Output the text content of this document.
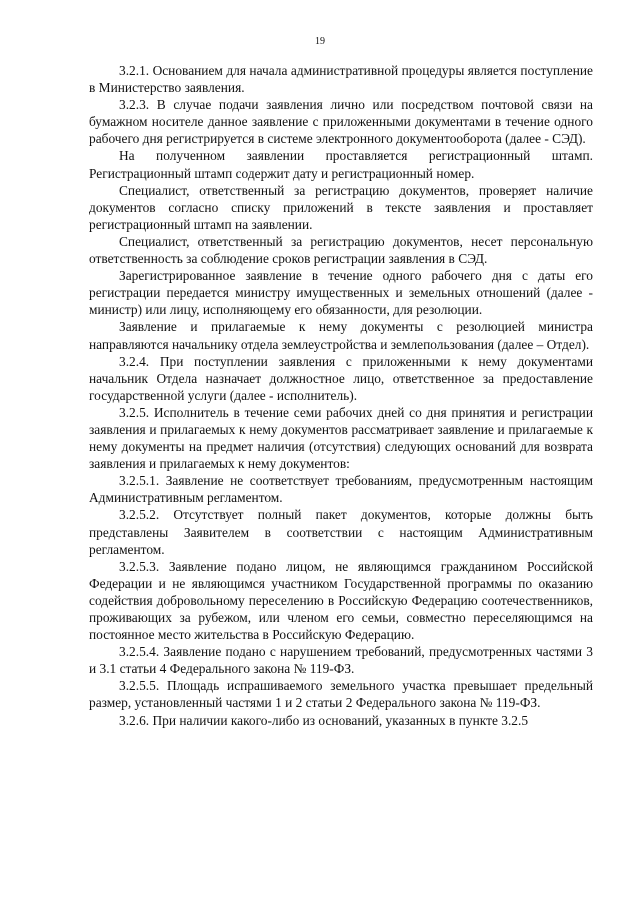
19

3.2.1. Основанием для начала административной процедуры является поступление в Министерство заявления.

3.2.3. В случае подачи заявления лично или посредством почтовой связи на бумажном носителе данное заявление с приложенными документами в течение одного рабочего дня регистрируется в системе электронного документооборота (далее - СЭД).

На полученном заявлении проставляется регистрационный штамп. Регистрационный штамп содержит дату и регистрационный номер.

Специалист, ответственный за регистрацию документов, проверяет наличие документов согласно списку приложений в тексте заявления и проставляет регистрационный штамп на заявлении.

Специалист, ответственный за регистрацию документов, несет персональную ответственность за соблюдение сроков регистрации заявления в СЭД.

Зарегистрированное заявление в течение одного рабочего дня с даты его регистрации передается министру имущественных и земельных отношений (далее - министр) или лицу, исполняющему его обязанности, для резолюции.

Заявление и прилагаемые к нему документы с резолюцией министра направляются начальнику отдела землеустройства и землепользования (далее – Отдел).

3.2.4. При поступлении заявления с приложенными к нему документами начальник Отдела назначает должностное лицо, ответственное за предоставление государственной услуги (далее - исполнитель).

3.2.5. Исполнитель в течение семи рабочих дней со дня принятия и регистрации заявления и прилагаемых к нему документов рассматривает заявление и прилагаемые к нему документы на предмет наличия (отсутствия) следующих оснований для возврата заявления и прилагаемых к нему документов:

3.2.5.1. Заявление не соответствует требованиям, предусмотренным настоящим Административным регламентом.

3.2.5.2. Отсутствует полный пакет документов, которые должны быть представлены Заявителем в соответствии с настоящим Административным регламентом.

3.2.5.3. Заявление подано лицом, не являющимся гражданином Российской Федерации и не являющимся участником Государственной программы по оказанию содействия добровольному переселению в Российскую Федерацию соотечественников, проживающих за рубежом, или членом его семьи, совместно переселяющимся на постоянное место жительства в Российскую Федерацию.

3.2.5.4. Заявление подано с нарушением требований, предусмотренных частями 3 и 3.1 статьи 4 Федерального закона № 119-ФЗ.

3.2.5.5. Площадь испрашиваемого земельного участка превышает предельный размер, установленный частями 1 и 2 статьи 2 Федерального закона № 119-ФЗ.

3.2.6. При наличии какого-либо из оснований, указанных в пункте 3.2.5
